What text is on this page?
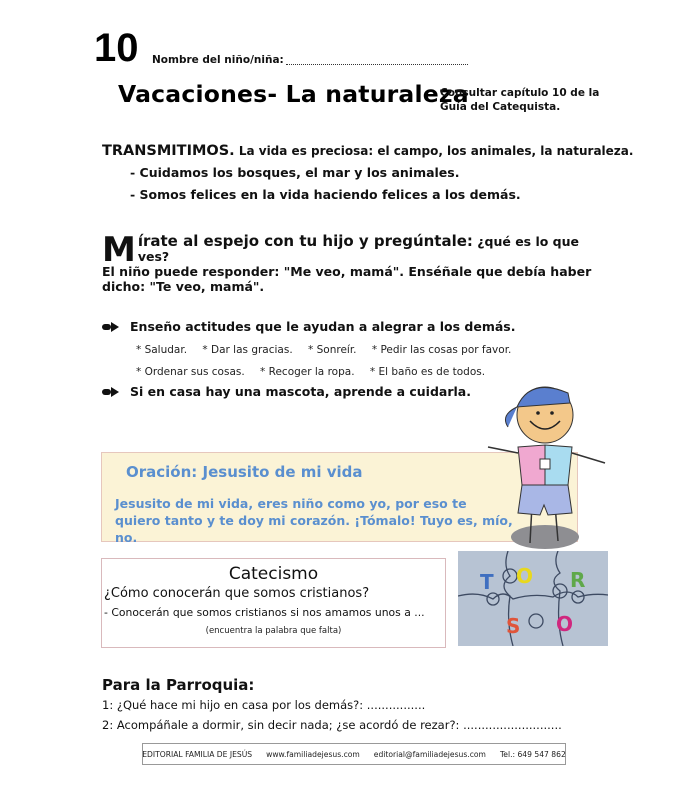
10 Nombre del niño/niña:
Vacaciones- La naturaleza
Consultar capítulo 10 de la Guía del Catequista.
TRANSMITIMOS. La vida es preciosa: el campo, los animales, la naturaleza.
- Cuidamos los bosques, el mar y los animales.
- Somos felices en la vida haciendo felices a los demás.
M írate al espejo con tu hijo y pregúntale: ¿qué es lo que ves?
El niño puede responder: "Me veo, mamá". Enséñale que debía haber dicho: "Te veo, mamá".
Enseño actitudes que le ayudan a alegrar a los demás.
* Saludar. * Dar las gracias. * Sonreír. * Pedir las cosas por favor.
* Ordenar sus cosas. * Recoger la ropa. * El baño es de todos.
Si en casa hay una mascota, aprende a cuidarla.
Oración: Jesusito de mi vida
Jesusito de mi vida, eres niño como yo, por eso te quiero tanto y te doy mi corazón. ¡Tómalo! Tuyo es, mío, no.
Catecismo
¿Cómo conocerán que somos cristianos?
- Conocerán que somos cristianos si nos amamos unos a ...
(encuentra la palabra que falta)
T O R
S O
Para la Parroquia:
1: ¿Qué hace mi hijo en casa por los demás?: ................
2: Acompáñale a dormir, sin decir nada; ¿se acordó de rezar?: ...........................
EDITORIAL FAMILIA DE JESÚS www.familiadejesus.com editorial@familiadejesus.com Tel.: 649 547 862
